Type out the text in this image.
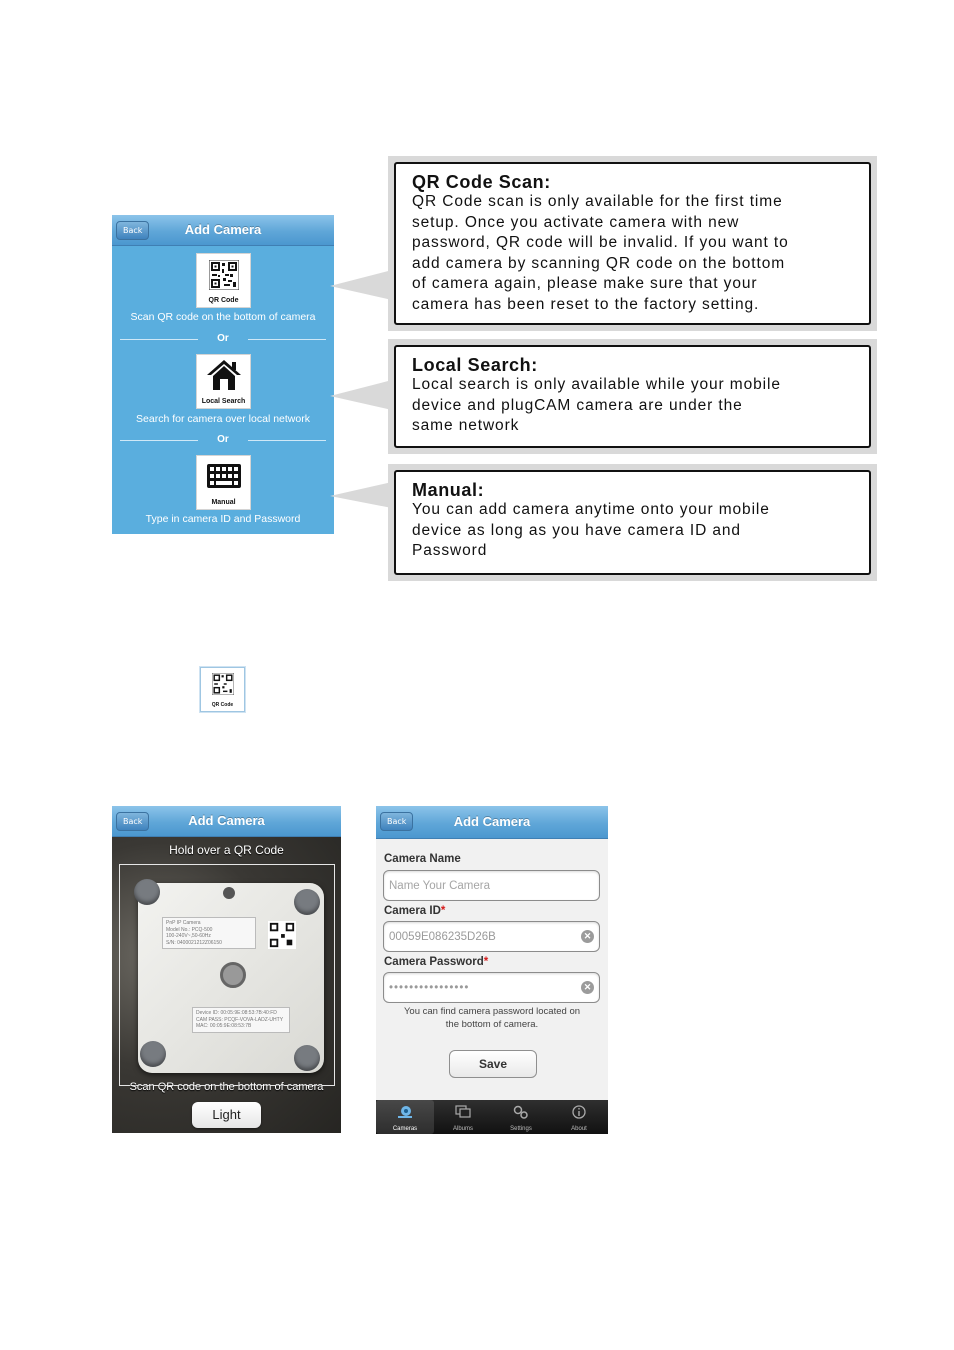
Back	Add Camera
QR Code
Scan QR code on the bottom of camera
Or
Local Search
Search for camera over local network
Or
Manual
Type in camera ID and Password
QR Code Scan:
QR Code scan is only available for the first time
setup. Once you activate camera with new
password, QR code will be invalid. If you want to
add camera by scanning QR code on the bottom
of camera again, please make sure that your
camera has been reset to the factory setting.
Local Search:
Local search is only available while your mobile
device and plugCAM camera are under the
same network
Manual:
You can add camera anytime onto your mobile
device as long as you have camera ID and
Password
QR Code
PnP IP Camera
Model No.: PCQ-500
100-240V~,50-60Hz
S/N: 0400021212Z06150
Device ID: 00:05:9E:08:53:7B:40:FD
CAM PASS: PCQF-VOVA-LADZ-UHTY
MAC: 00:05:9E:08:53:7B
Back	Add Camera
Hold over a QR Code
Scan QR code on the bottom of camera
Light
Back	Add Camera
Camera Name
Name Your Camera
Camera ID*
00059E086235D26B
✕
Camera Password*
••••••••••••••••
✕
You can find camera password located on
the bottom of camera.
Save
Cameras	Albums	Settings	About
